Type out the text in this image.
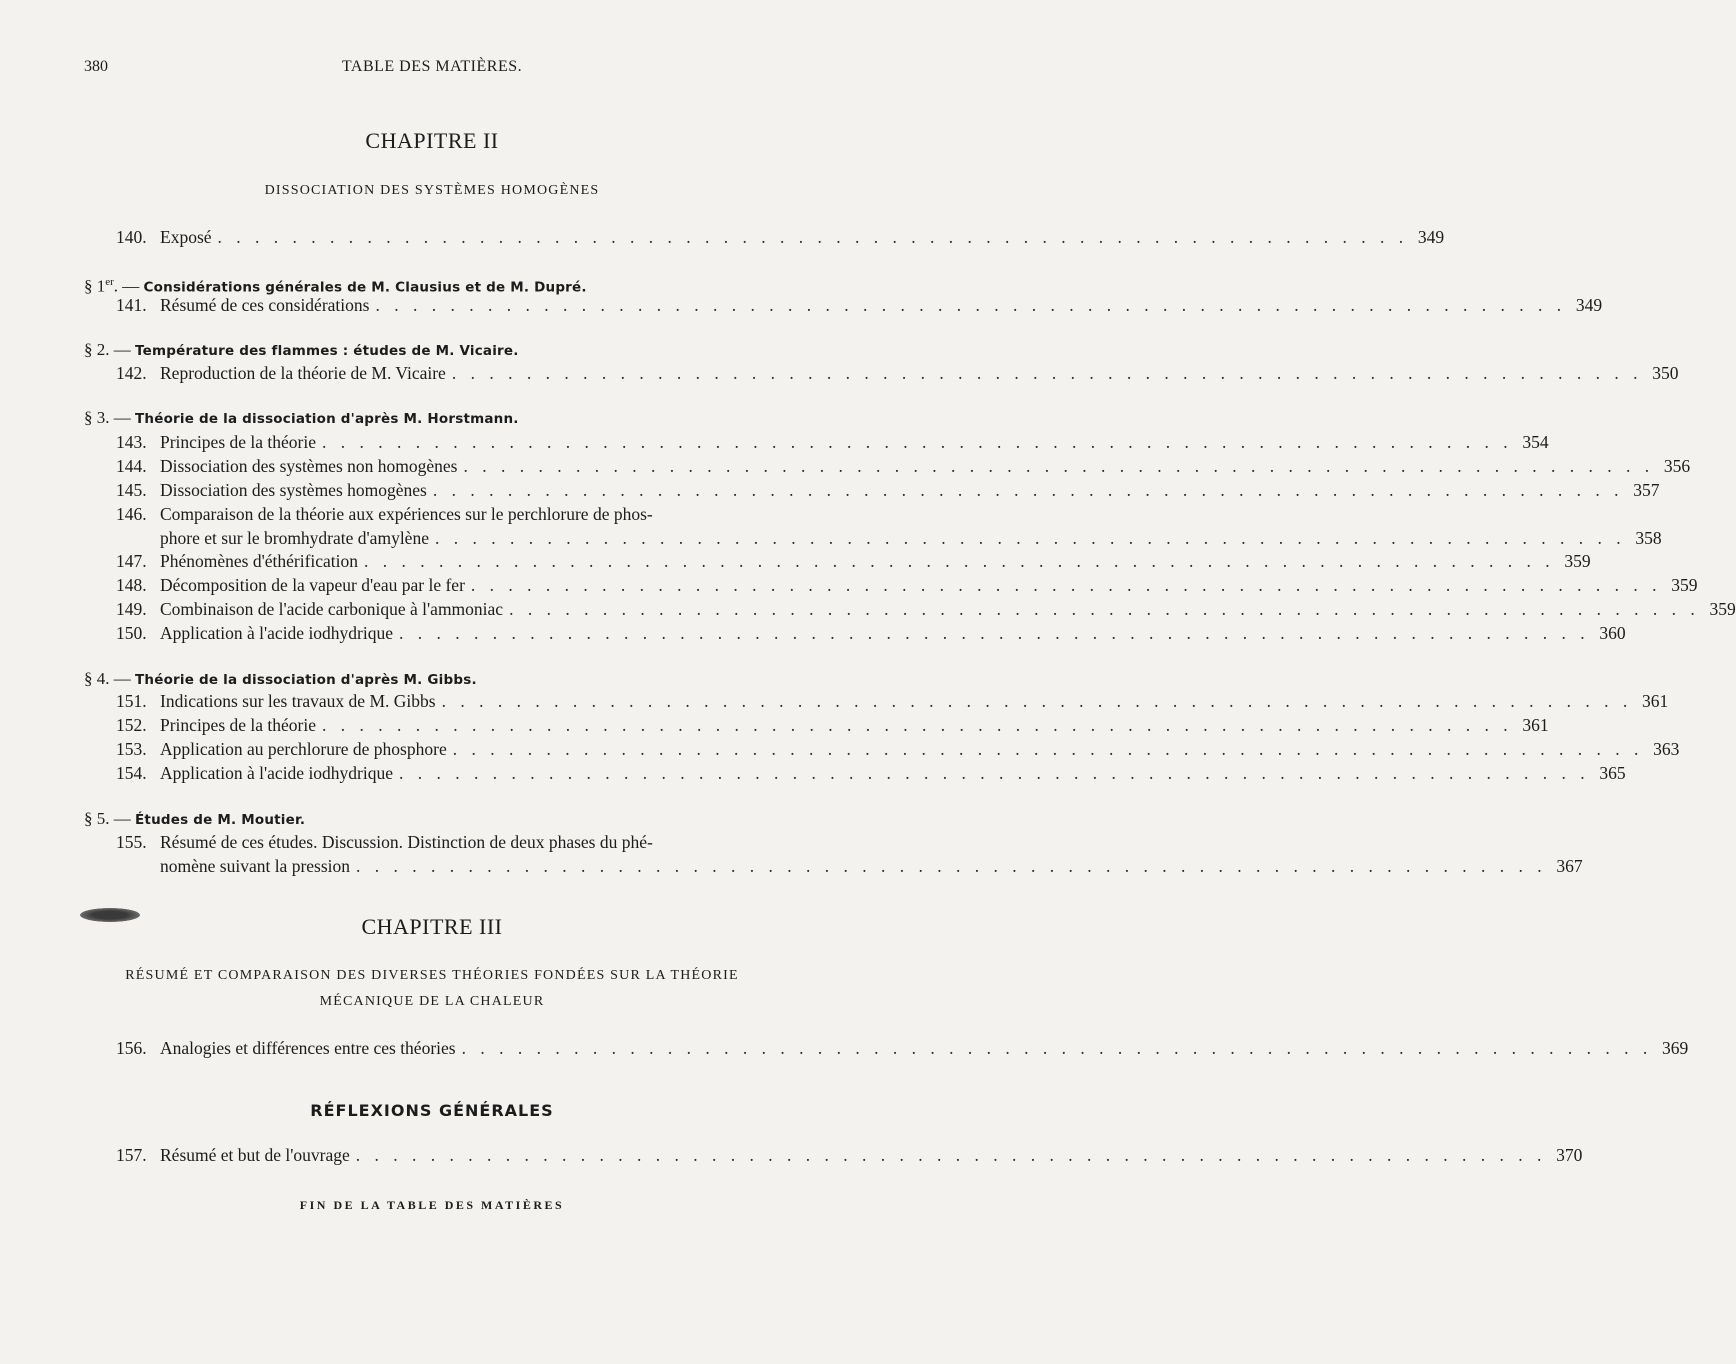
380	TABLE DES MATIÈRES.
CHAPITRE II
DISSOCIATION DES SYSTÈMES HOMOGÈNES
140. Exposé . . .	349
§ 1er. — Considérations générales de M. Clausius et de M. Dupré.
141. Résumé de ces considérations . . .	349
§ 2. — Température des flammes : études de M. Vicaire.
142. Reproduction de la théorie de M. Vicaire . . .	350
§ 3. — Théorie de la dissociation d'après M. Horstmann.
143. Principes de la théorie . . .	354
144. Dissociation des systèmes non homogènes . . .	356
145. Dissociation des systèmes homogènes . . .	357
146. Comparaison de la théorie aux expériences sur le perchlorure de phos-
phore et sur le bromhydrate d'amylène . . .	358
147. Phénomènes d'éthérification . . .	359
148. Décomposition de la vapeur d'eau par le fer . . .	359
149. Combinaison de l'acide carbonique à l'ammoniac . . .	359
150. Application à l'acide iodhydrique . . .	360
§ 4. — Théorie de la dissociation d'après M. Gibbs.
151. Indications sur les travaux de M. Gibbs . . .	361
152. Principes de la théorie . . .	361
153. Application au perchlorure de phosphore . . .	363
154. Application à l'acide iodhydrique . . .	365
§ 5. — Études de M. Moutier.
155. Résumé de ces études. Discussion. Distinction de deux phases du phé-
nomène suivant la pression . . .	367
CHAPITRE III
RÉSUMÉ ET COMPARAISON DES DIVERSES THÉORIES FONDÉES SUR LA THÉORIE
MÉCANIQUE DE LA CHALEUR
156. Analogies et différences entre ces théories . . .	369
RÉFLEXIONS GÉNÉRALES
157. Résumé et but de l'ouvrage . . .	370
FIN DE LA TABLE DES MATIÈRES
